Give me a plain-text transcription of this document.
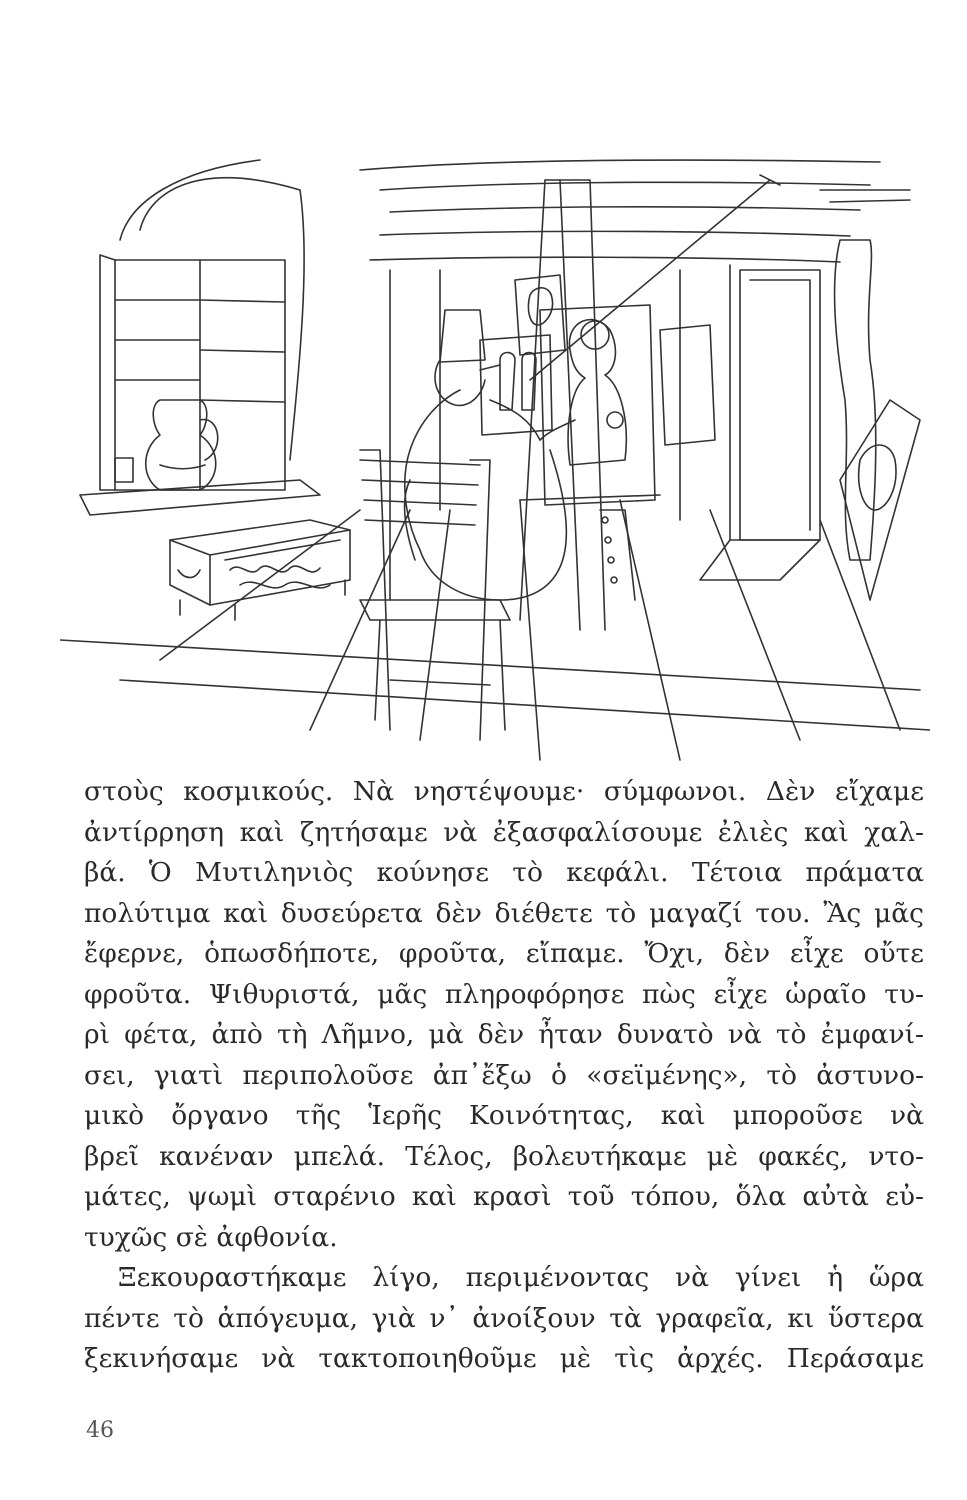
στοὺς κοσμικούς. Νὰ νηστέψουμε· σύμφωνοι. Δὲν εἴχαμε
ἀντίρρηση καὶ ζητήσαμε νὰ ἐξασφαλίσουμε ἐλιὲς καὶ χαλ-
βά. Ὁ Μυτιληνιὸς κούνησε τὸ κεφάλι. Τέτοια πράματα
πολύτιμα καὶ δυσεύρετα δὲν διέθετε τὸ μαγαζί του. Ἂς μᾶς
ἔφερνε, ὁπωσδήποτε, φροῦτα, εἴπαμε. Ὄχι, δὲν εἶχε οὔτε
φροῦτα. Ψιθυριστά, μᾶς πληροφόρησε πὼς εἶχε ὡραῖο τυ-
ρὶ φέτα, ἀπὸ τὴ Λῆμνο, μὰ δὲν ἦταν δυνατὸ νὰ τὸ ἐμφανί-
σει, γιατὶ περιπολοῦσε ἀπ᾽ἔξω ὁ «σεϊμένης», τὸ ἀστυνο-
μικὸ ὄργανο τῆς Ἱερῆς Κοινότητας, καὶ μποροῦσε νὰ
βρεῖ κανέναν μπελά. Τέλος, βολευτήκαμε μὲ φακές, ντο-
μάτες, ψωμὶ σταρένιο καὶ κρασὶ τοῦ τόπου, ὅλα αὐτὰ εὐ-
τυχῶς σὲ ἀφθονία.
Ξεκουραστήκαμε λίγο, περιμένοντας νὰ γίνει ἡ ὥρα
πέντε τὸ ἀπόγευμα, γιὰ ν᾽ ἀνοίξουν τὰ γραφεῖα, κι ὕστερα
ξεκινήσαμε νὰ τακτοποιηθοῦμε μὲ τὶς ἀρχές. Περάσαμε
46
